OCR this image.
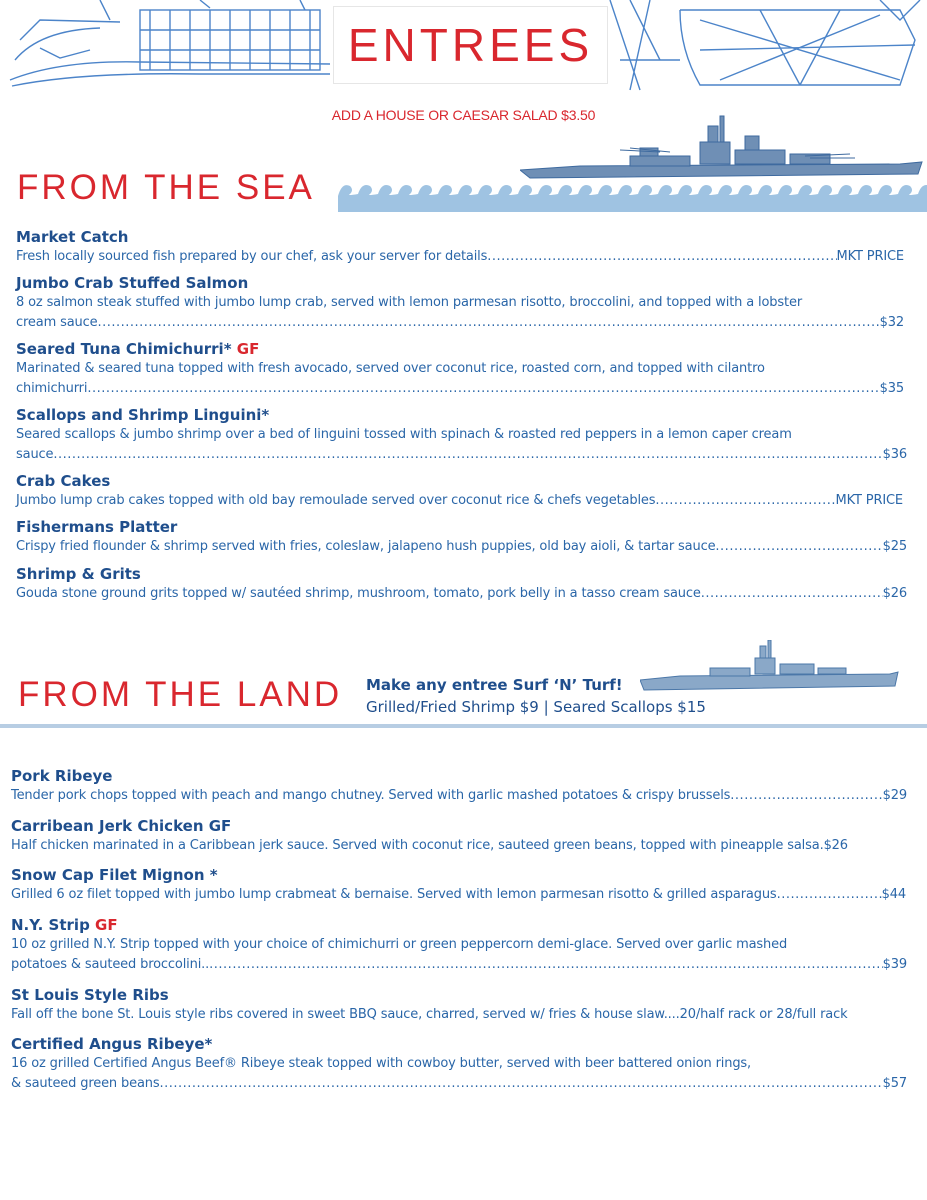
ENTREES
ADD A HOUSE OR CAESAR SALAD $3.50
FROM THE SEA
Market Catch
Fresh locally sourced fish prepared by our chef, ask your server for details .....	MKT PRICE
Jumbo Crab Stuffed Salmon
8 oz salmon steak stuffed with jumbo lump crab, served with lemon parmesan risotto, broccolini, and topped with a lobster
cream sauce .....	$32
Seared Tuna Chimichurri* GF
Marinated & seared tuna topped with fresh avocado, served over coconut rice, roasted corn, and topped with cilantro
chimichurri .....	$35
Scallops and Shrimp Linguini*
Seared scallops & jumbo shrimp over a bed of linguini tossed with spinach & roasted red peppers in a lemon caper cream
sauce .....	$36
Crab Cakes
Jumbo lump crab cakes topped with old bay remoulade served over coconut rice & chefs vegetables .....	MKT PRICE
Fishermans Platter
Crispy fried flounder & shrimp served with fries, coleslaw, jalapeno hush puppies, old bay aioli, & tartar sauce .....	$25
Shrimp & Grits
Gouda stone ground grits topped w/ sautéed shrimp, mushroom, tomato, pork belly in a tasso cream sauce .....	$26
FROM THE LAND Make any entree Surf ‘N’ Turf!
Grilled/Fried Shrimp $9 | Seared Scallops $15
Pork Ribeye
Tender pork chops topped with peach and mango chutney. Served with garlic mashed potatoes & crispy brussels .....	$29
Carribean Jerk Chicken GF
Half chicken marinated in a Caribbean jerk sauce. Served with coconut rice, sauteed green beans, topped with pineapple salsa.$26
Snow Cap Filet Mignon *
Grilled 6 oz filet topped with jumbo lump crabmeat & bernaise. Served with lemon parmesan risotto & grilled asparagus .....	$44
N.Y. Strip GF
10 oz grilled N.Y. Strip topped with your choice of chimichurri or green peppercorn demi-glace. Served over garlic mashed
potatoes & sauteed broccolini.. .....	$39
St Louis Style Ribs
Fall off the bone St. Louis style ribs covered in sweet BBQ sauce, charred, served w/ fries & house slaw....20/half rack or 28/full rack
Certified Angus Ribeye*
16 oz grilled Certified Angus Beef® Ribeye steak topped with cowboy butter, served with beer battered onion rings,
& sauteed green beans .....	$57
